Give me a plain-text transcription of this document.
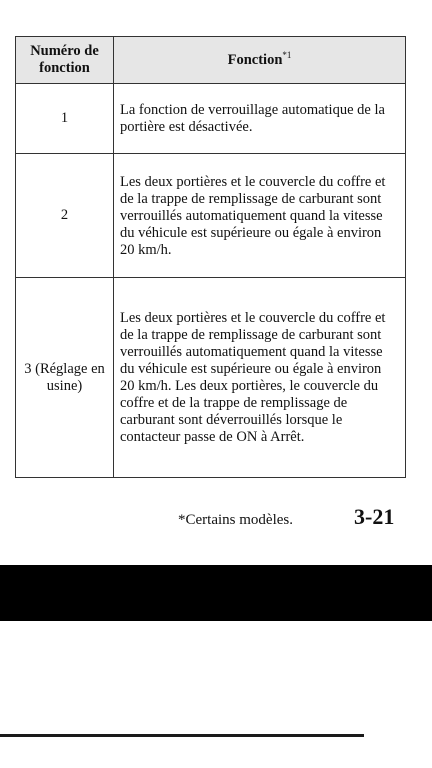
Numéro de fonction	Fonction$^{*1}$
1	La fonction de verrouillage automatique de la portière est désactivée.
2	Les deux portières et le couvercle du coffre et de la trappe de remplissage de carburant sont verrouillés automatiquement quand la vitesse du véhicule est supérieure ou égale à environ 20 km/h.
3 (Réglage en usine)	Les deux portières et le couvercle du coffre et de la trappe de remplissage de carburant sont verrouillés automatiquement quand la vitesse du véhicule est supérieure ou égale à environ 20 km/h. Les deux portières, le couvercle du coffre et de la trappe de remplissage de carburant sont déverrouillés lorsque le contacteur passe de ON à Arrêt.
*Certains modèles.	3-21
